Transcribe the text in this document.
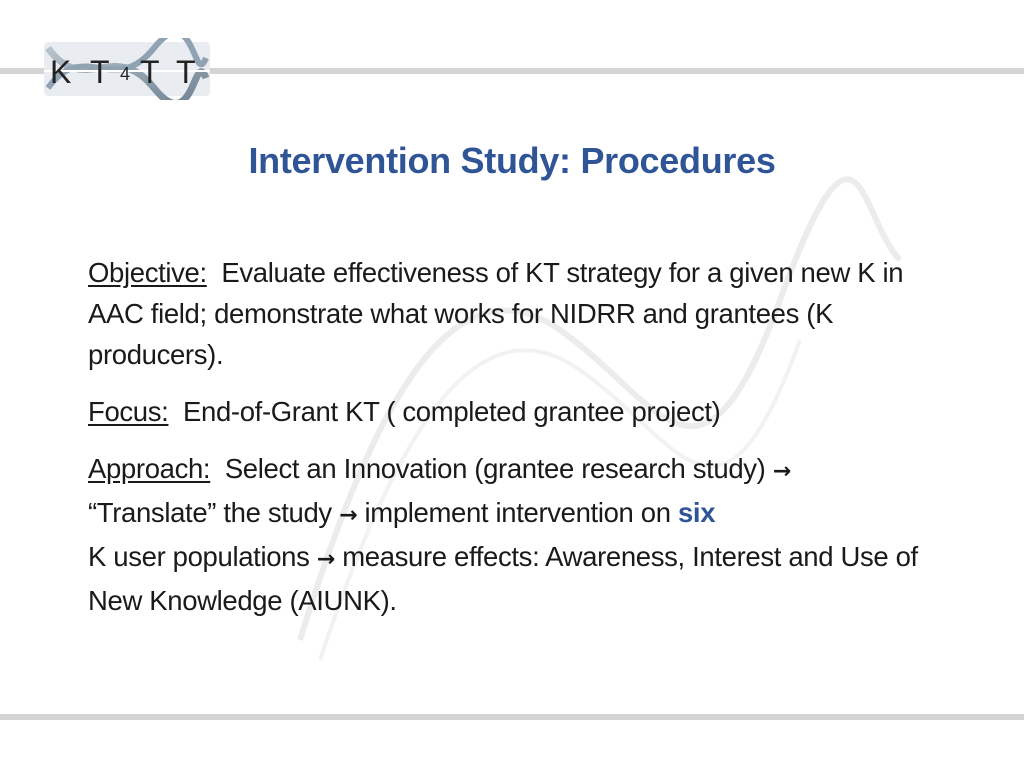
K T 4 T T
Intervention Study: Procedures

Objective: Evaluate effectiveness of KT strategy for a given new K in AAC field; demonstrate what works for NIDRR and grantees (K producers).

Focus: End-of-Grant KT ( completed grantee project)

Approach: Select an Innovation (grantee research study) →
“Translate” the study → implement intervention on six
K user populations → measure effects: Awareness, Interest and Use of New Knowledge (AIUNK).
